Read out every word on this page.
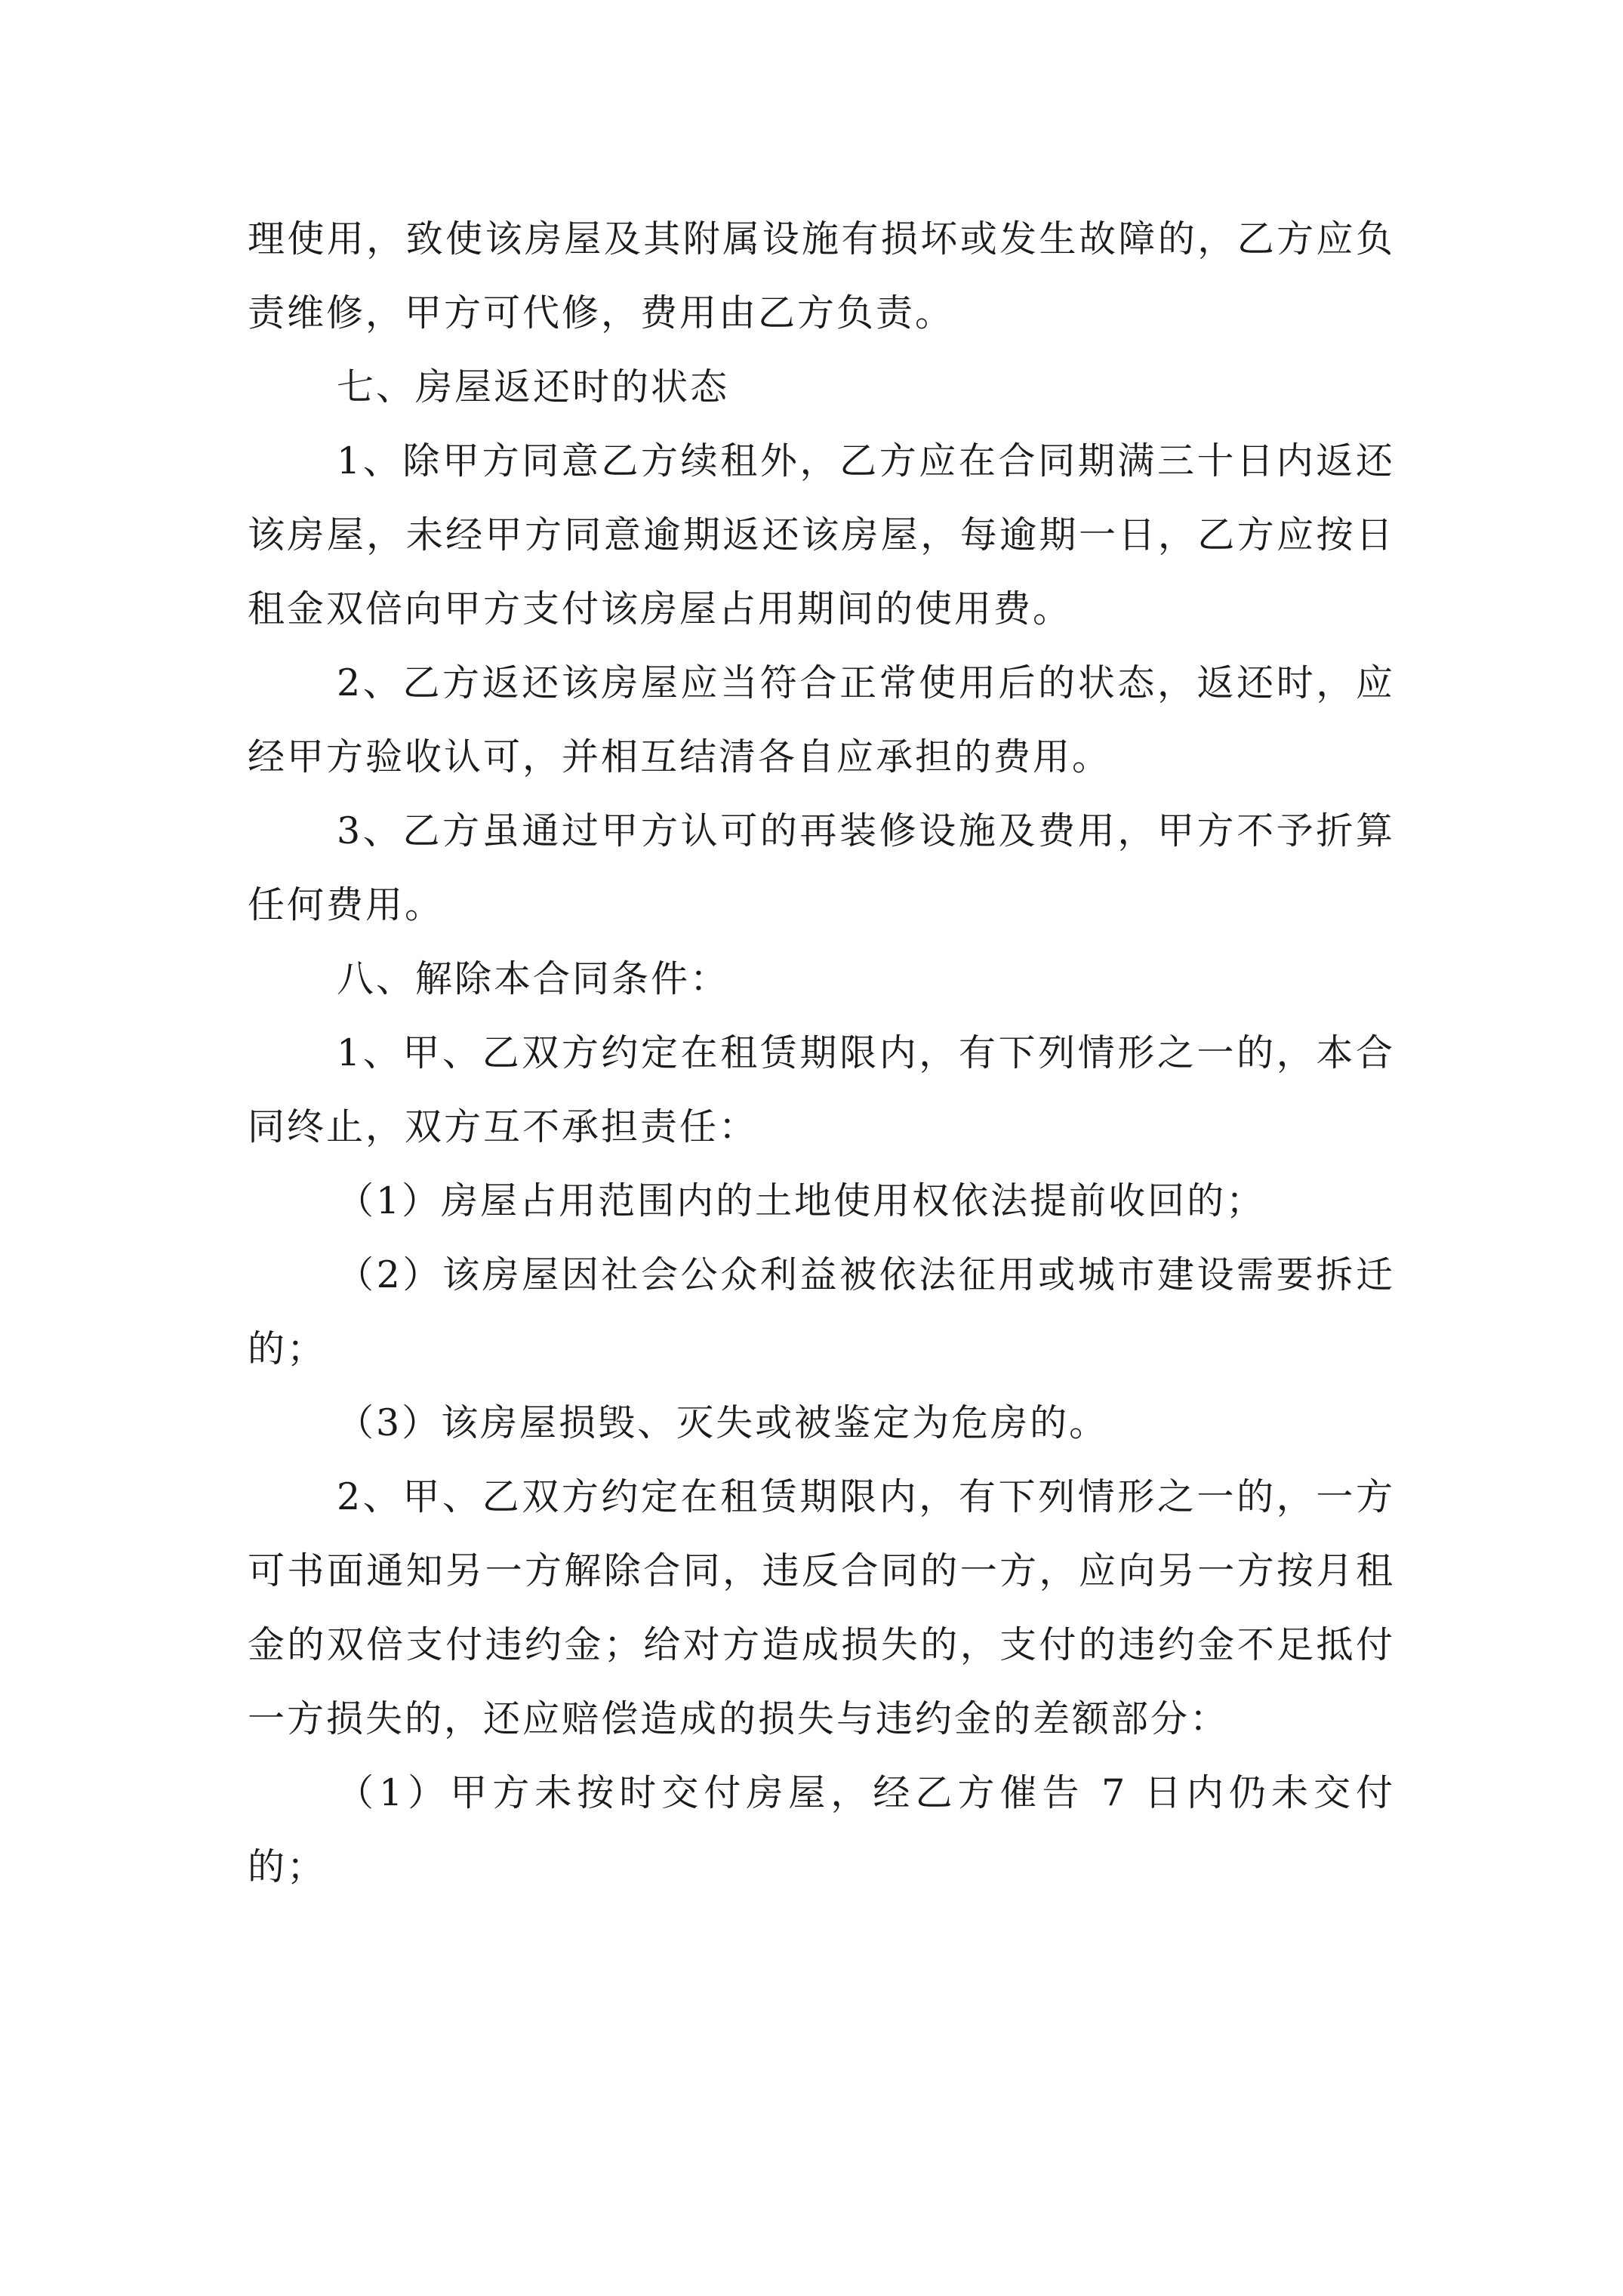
理使用，致使该房屋及其附属设施有损坏或发生故障的，乙方应负责维修，甲方可代修，费用由乙方负责。

七、房屋返还时的状态

1、除甲方同意乙方续租外，乙方应在合同期满三十日内返还该房屋，未经甲方同意逾期返还该房屋，每逾期一日，乙方应按日租金双倍向甲方支付该房屋占用期间的使用费。

2、乙方返还该房屋应当符合正常使用后的状态，返还时，应经甲方验收认可，并相互结清各自应承担的费用。

3、乙方虽通过甲方认可的再装修设施及费用，甲方不予折算任何费用。

八、解除本合同条件：

1、甲、乙双方约定在租赁期限内，有下列情形之一的，本合同终止，双方互不承担责任：

（1）房屋占用范围内的土地使用权依法提前收回的；

（2）该房屋因社会公众利益被依法征用或城市建设需要拆迁的；

（3）该房屋损毁、灭失或被鉴定为危房的。

2、甲、乙双方约定在租赁期限内，有下列情形之一的，一方可书面通知另一方解除合同，违反合同的一方，应向另一方按月租金的双倍支付违约金；给对方造成损失的，支付的违约金不足抵付一方损失的，还应赔偿造成的损失与违约金的差额部分：

（1）甲方未按时交付房屋，经乙方催告 7 日内仍未交付的；
